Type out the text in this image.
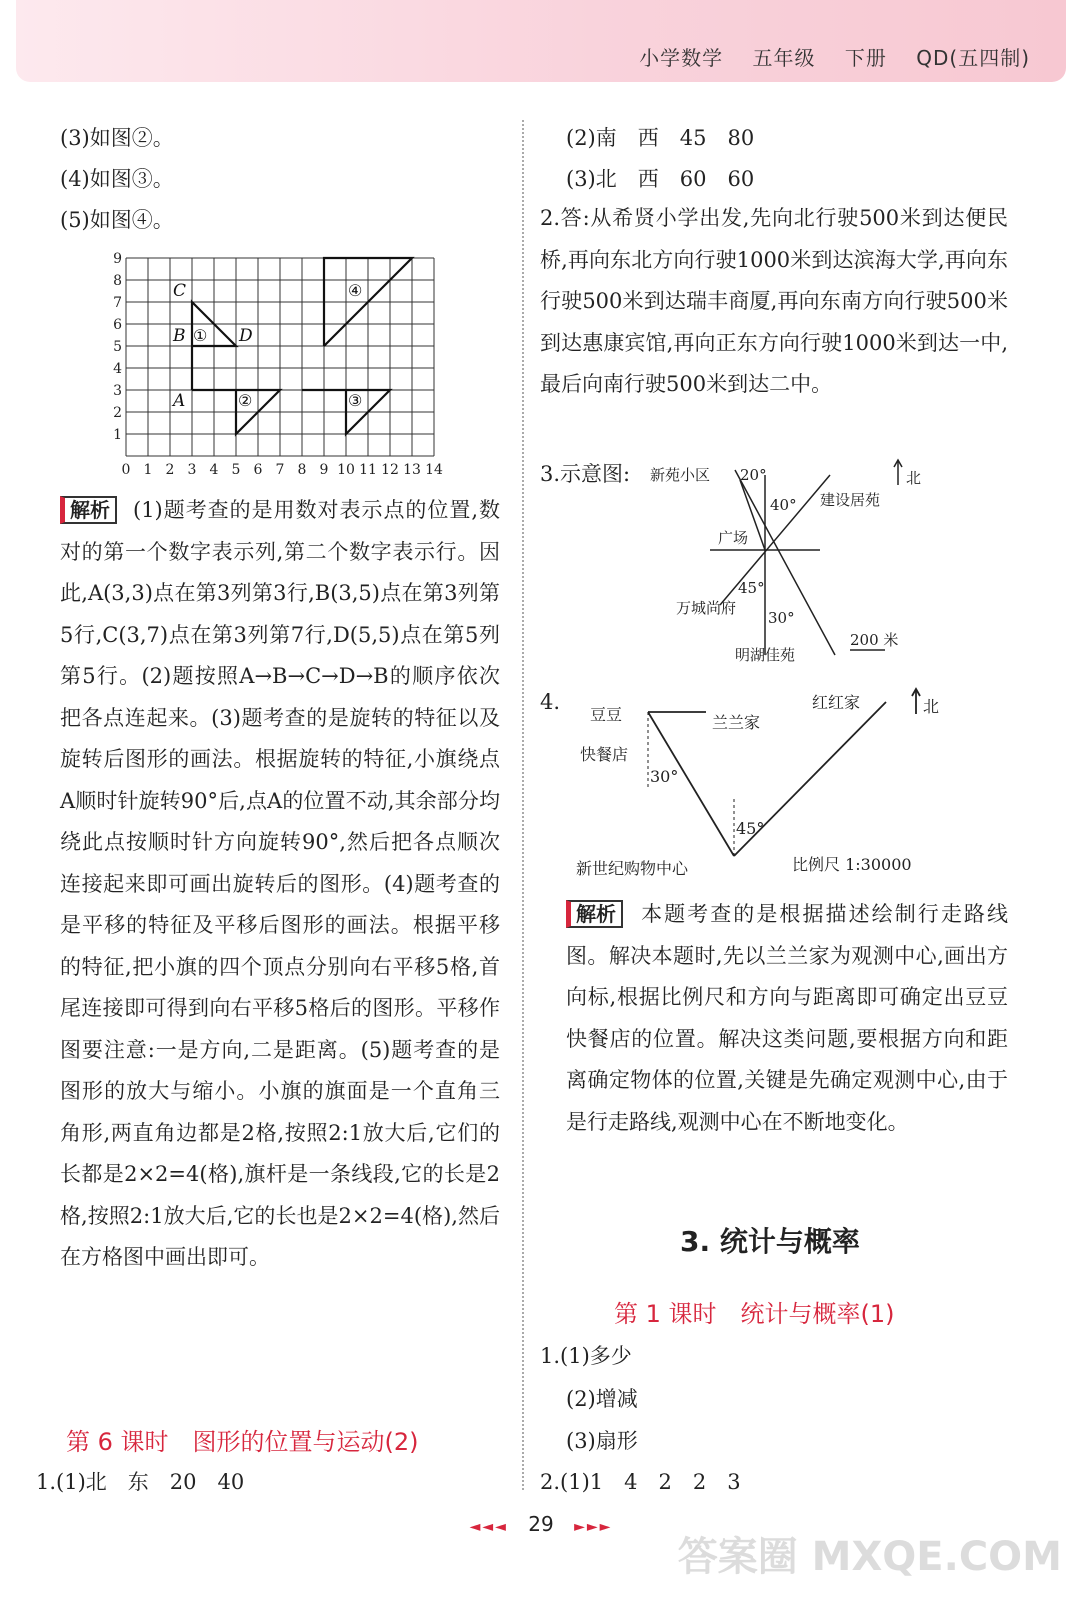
小学数学 五年级 下册 QD(五四制)
(3)如图②。
(4)如图③。
(5)如图④。
0 1 2 3 4 5 6 7 8 9 10 11 12 13 14
1
2
3
4
5
6
7
8
9
C
B	D
A
①
②	③
④
解析 (1)题考查的是用数对表示点的位置,数对的第一个数字表示列,第二个数字表示行。因此,A(3,3)点在第3列第3行,B(3,5)点在第3列第5行,C(3,7)点在第3列第7行,D(5,5)点在第5列第5行。(2)题按照A→B→C→D→B的顺序依次把各点连起来。(3)题考查的是旋转的特征以及旋转后图形的画法。根据旋转的特征,小旗绕点A顺时针旋转90°后,点A的位置不动,其余部分均绕此点按顺时针方向旋转90°,然后把各点顺次连接起来即可画出旋转后的图形。(4)题考查的是平移的特征及平移后图形的画法。根据平移的特征,把小旗的四个顶点分别向右平移5格,首尾连接即可得到向右平移5格后的图形。平移作图要注意:一是方向,二是距离。(5)题考查的是图形的放大与缩小。小旗的旗面是一个直角三角形,两直角边都是2格,按照2:1放大后,它们的长都是2×2=4(格),旗杆是一条线段,它的长是2格,按照2:1放大后,它的长也是2×2=4(格),然后在方格图中画出即可。
第 6 课时　图形的位置与运动(2)
1.(1)北　东　20　40
(2)南　西　45　80
(3)北　西　60　60
2.答:从希贤小学出发,先向北行驶500米到达便民桥,再向东北方向行驶1000米到达滨海大学,再向东行驶500米到达瑞丰商厦,再向东南方向行驶500米到达惠康宾馆,再向正东方向行驶1000米到达一中,最后向南行驶500米到达二中。
3.示意图: 新苑小区 20°
40° 建设居苑
北
广场
45°
万城尚府
30°
明湖佳苑
200 米
4.
豆豆
快餐店
兰兰家
红红家	北
30°
45°
新世纪购物中心	比例尺 1:30000
解析 本题考查的是根据描述绘制行走路线图。解决本题时,先以兰兰家为观测中心,画出方向标,根据比例尺和方向与距离即可确定出豆豆快餐店的位置。解决这类问题,要根据方向和距离确定物体的位置,关键是先确定观测中心,由于是行走路线,观测中心在不断地变化。
3. 统计与概率
第 1 课时　统计与概率(1)
1.(1)多少
(2)增减
(3)扇形
2.(1)1　4　2　2　3
◄◄◄ 29 ►►►
答案圈 MXQE.COM
